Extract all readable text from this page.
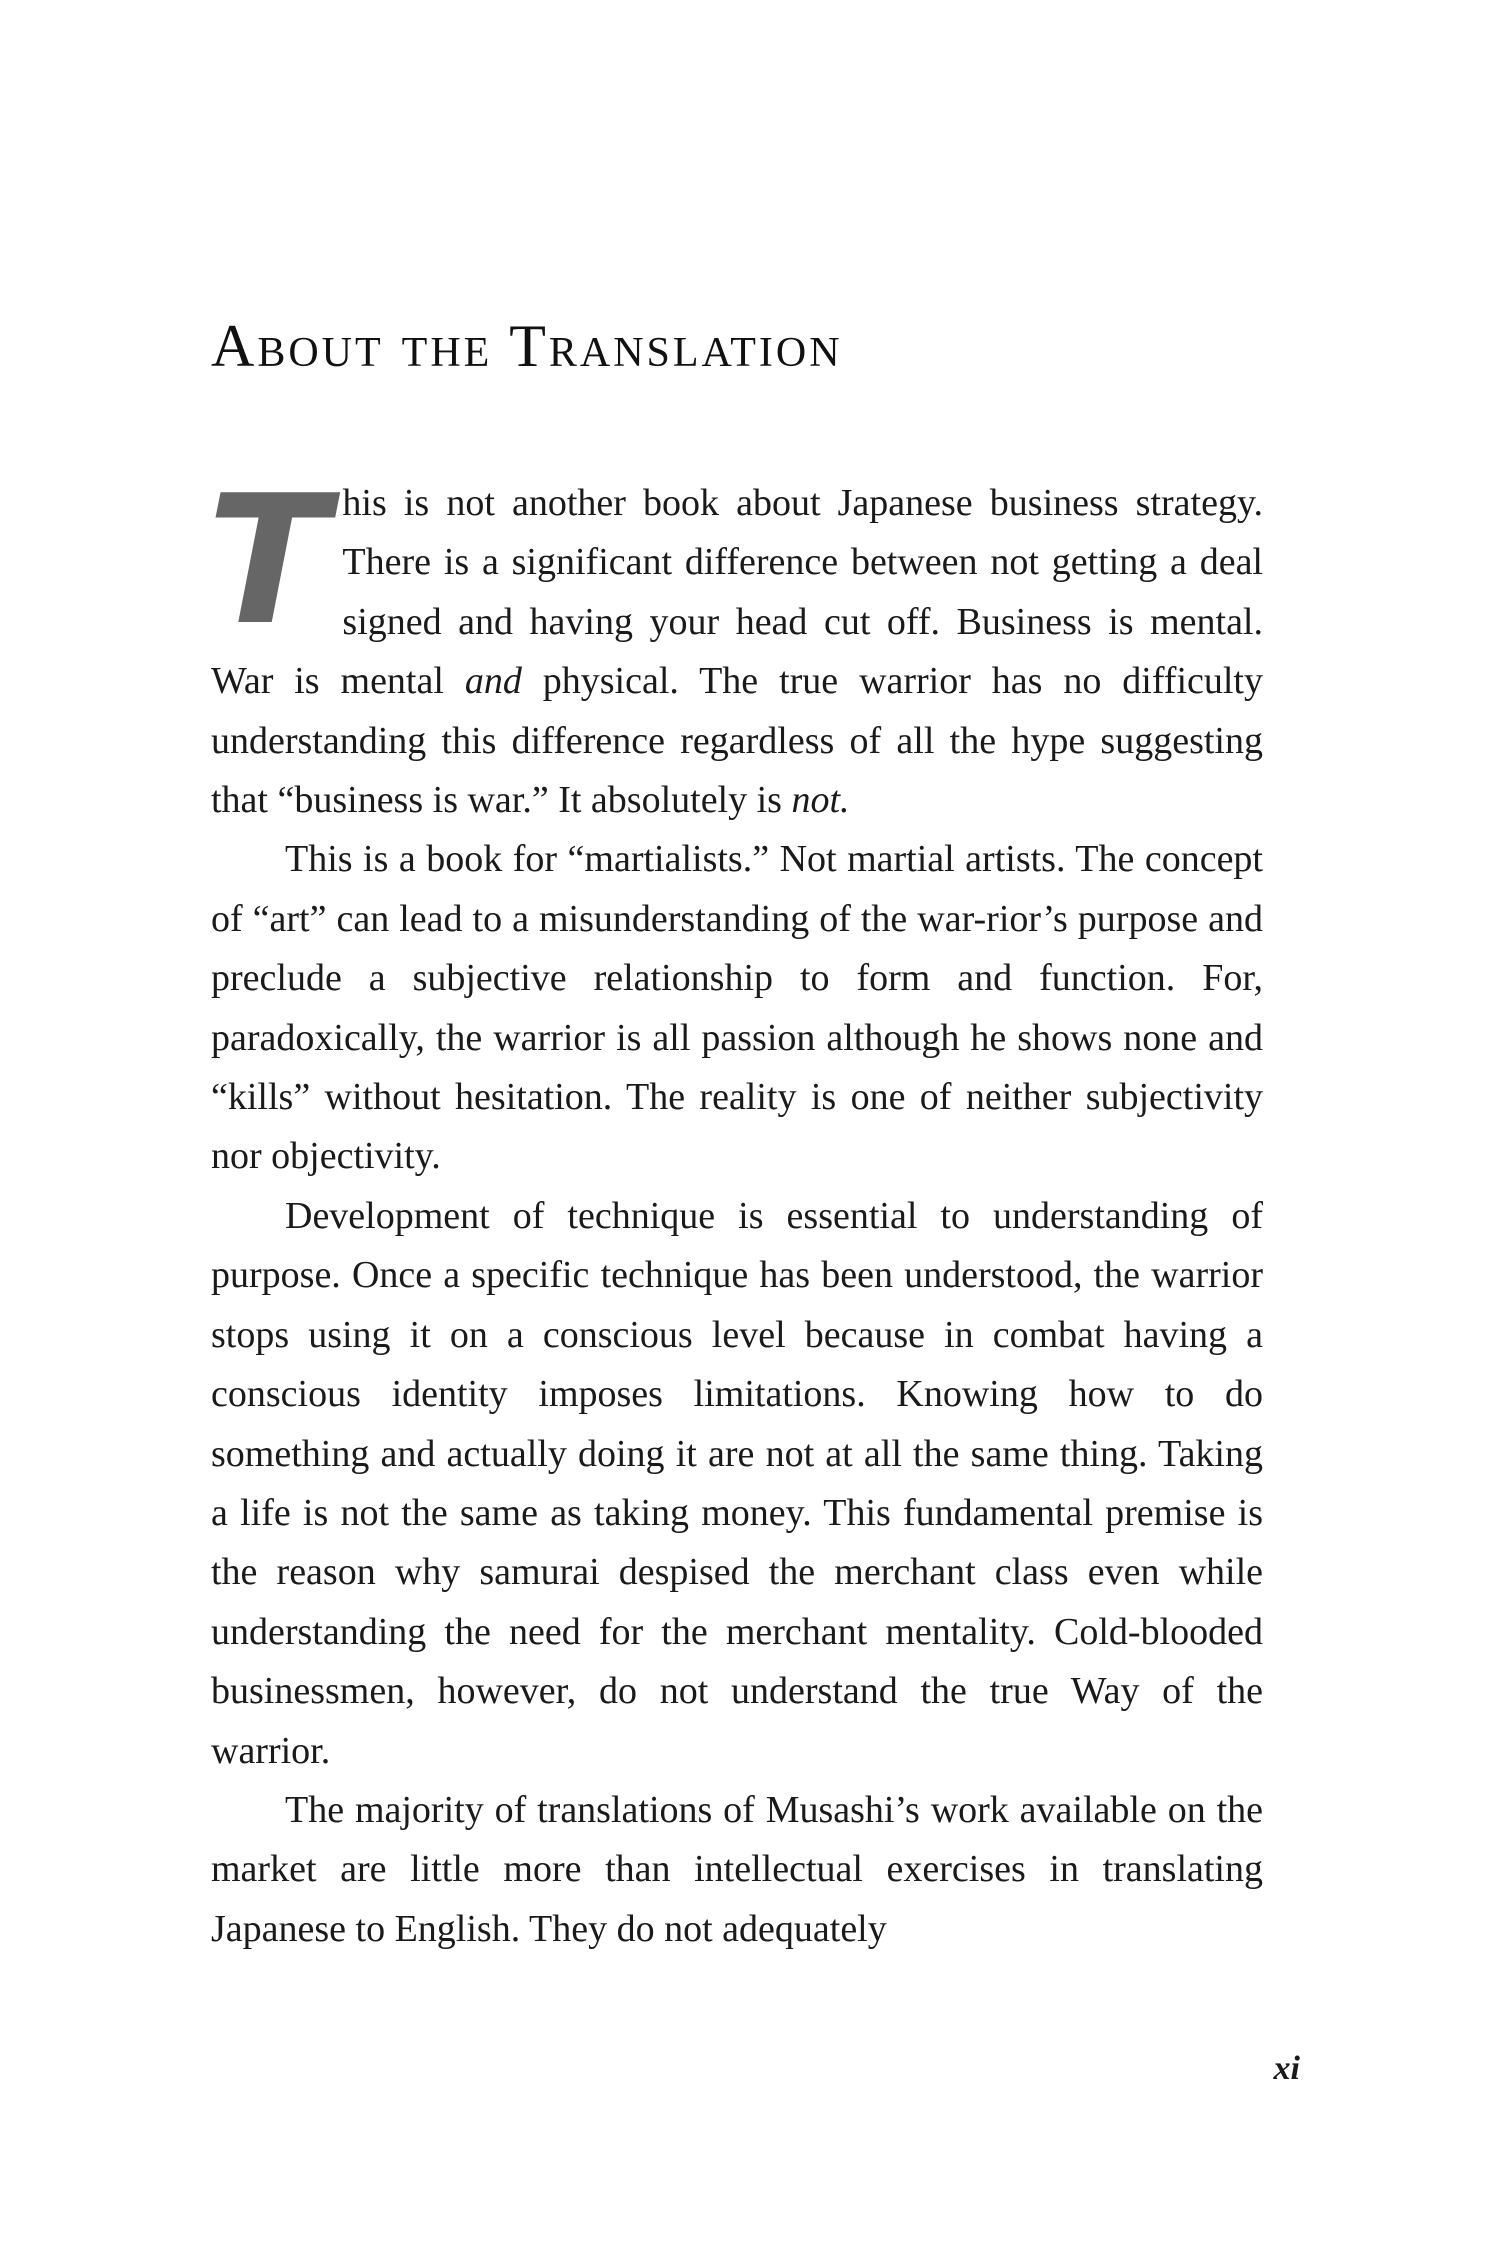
About the Translation

This is not another book about Japanese business strategy. There is a significant difference between not getting a deal signed and having your head cut off. Business is mental. War is mental and physical. The true warrior has no difficulty understanding this difference regardless of all the hype suggesting that “business is war.” It absolutely is not.

This is a book for “martialists.” Not martial artists. The concept of “art” can lead to a misunderstanding of the war-​rior’s purpose and preclude a subjective relationship to form and function. For, paradoxically, the warrior is all passion although he shows none and “kills” without hesitation. The reality is one of neither subjectivity nor objectivity.

Development of technique is essential to understanding of purpose. Once a specific technique has been understood, the warrior stops using it on a conscious level because in combat having a conscious identity imposes limitations. Knowing how to do something and actually doing it are not at all the same thing. Taking a life is not the same as taking money. This fundamental premise is the reason why samurai despised the merchant class even while understanding the need for the merchant mentality. Cold-blooded businessmen, however, do not understand the true Way of the warrior.

The majority of translations of Musashi’s work available on the market are little more than intellectual exercises in translating Japanese to English. They do not adequately

xi
